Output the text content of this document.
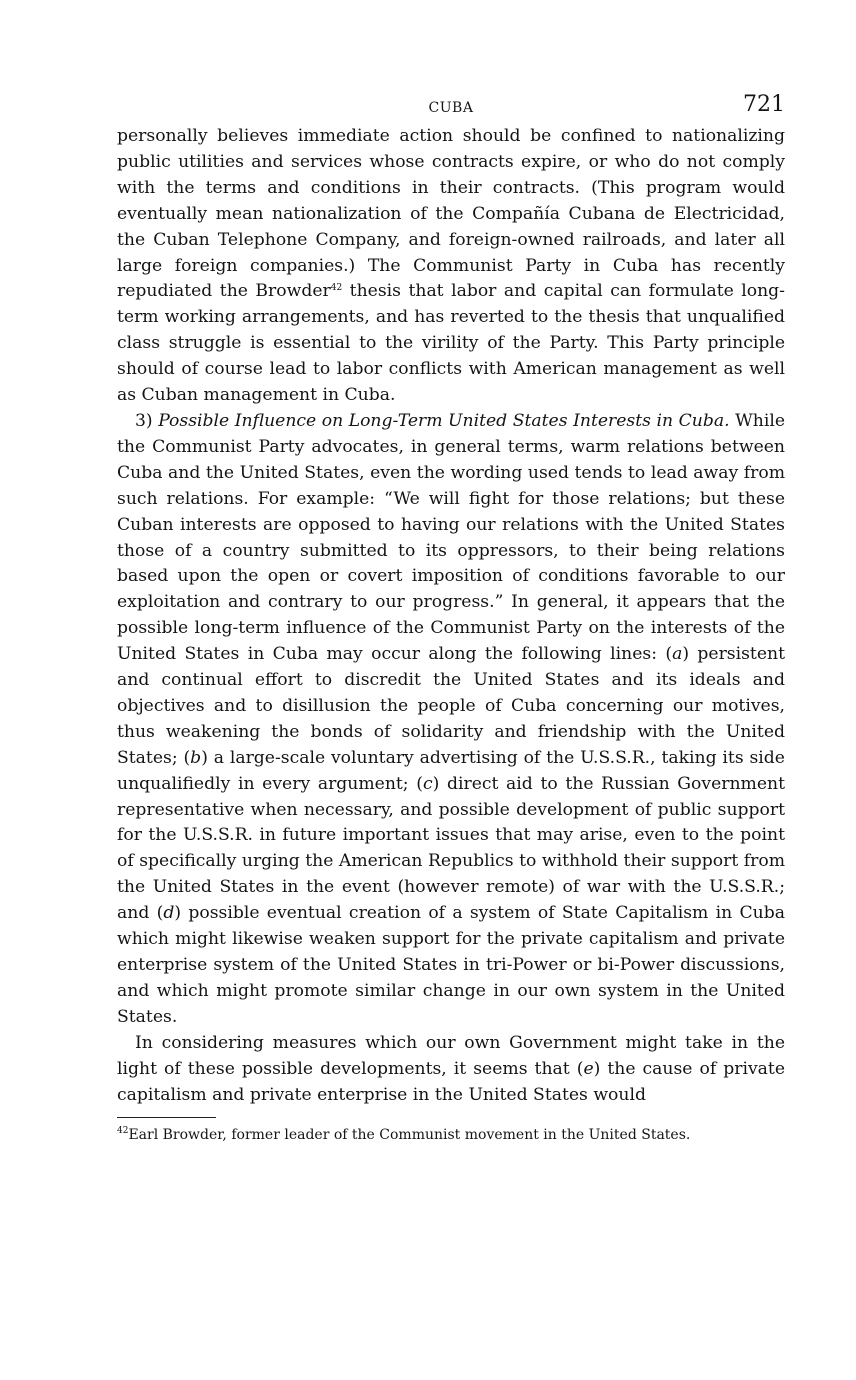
CUBA	721

personally believes immediate action should be confined to nationalizing public utilities and services whose contracts expire, or who do not comply with the terms and conditions in their contracts. (This program would eventually mean nationalization of the Compañía Cubana de Electricidad, the Cuban Telephone Company, and foreign-owned railroads, and later all large foreign companies.) The Communist Party in Cuba has recently repudiated the Browder$^{42}$ thesis that labor and capital can formulate long-term working arrangements, and has reverted to the thesis that unqualified class struggle is essential to the virility of the Party. This Party principle should of course lead to labor conflicts with American management as well as Cuban management in Cuba.

3) Possible Influence on Long-Term United States Interests in Cuba. While the Communist Party advocates, in general terms, warm relations between Cuba and the United States, even the wording used tends to lead away from such relations. For example: “We will fight for those relations; but these Cuban interests are opposed to having our relations with the United States those of a country submitted to its oppressors, to their being relations based upon the open or covert imposition of conditions favorable to our exploitation and contrary to our progress.” In general, it appears that the possible long-term influence of the Communist Party on the interests of the United States in Cuba may occur along the following lines: (a) persistent and continual effort to discredit the United States and its ideals and objectives and to disillusion the people of Cuba concerning our motives, thus weakening the bonds of solidarity and friendship with the United States; (b) a large-scale voluntary advertising of the U.S.S.R., taking its side unqualifiedly in every argument; (c) direct aid to the Russian Government representative when necessary, and possible development of public support for the U.S.S.R. in future important issues that may arise, even to the point of specifically urging the American Republics to withhold their support from the United States in the event (however remote) of war with the U.S.S.R.; and (d) possible eventual creation of a system of State Capitalism in Cuba which might likewise weaken support for the private capitalism and private enterprise system of the United States in tri-Power or bi-Power discussions, and which might promote similar change in our own system in the United States.

In considering measures which our own Government might take in the light of these possible developments, it seems that (e) the cause of private capitalism and private enterprise in the United States would

$^{42}$Earl Browder, former leader of the Communist movement in the United States.
